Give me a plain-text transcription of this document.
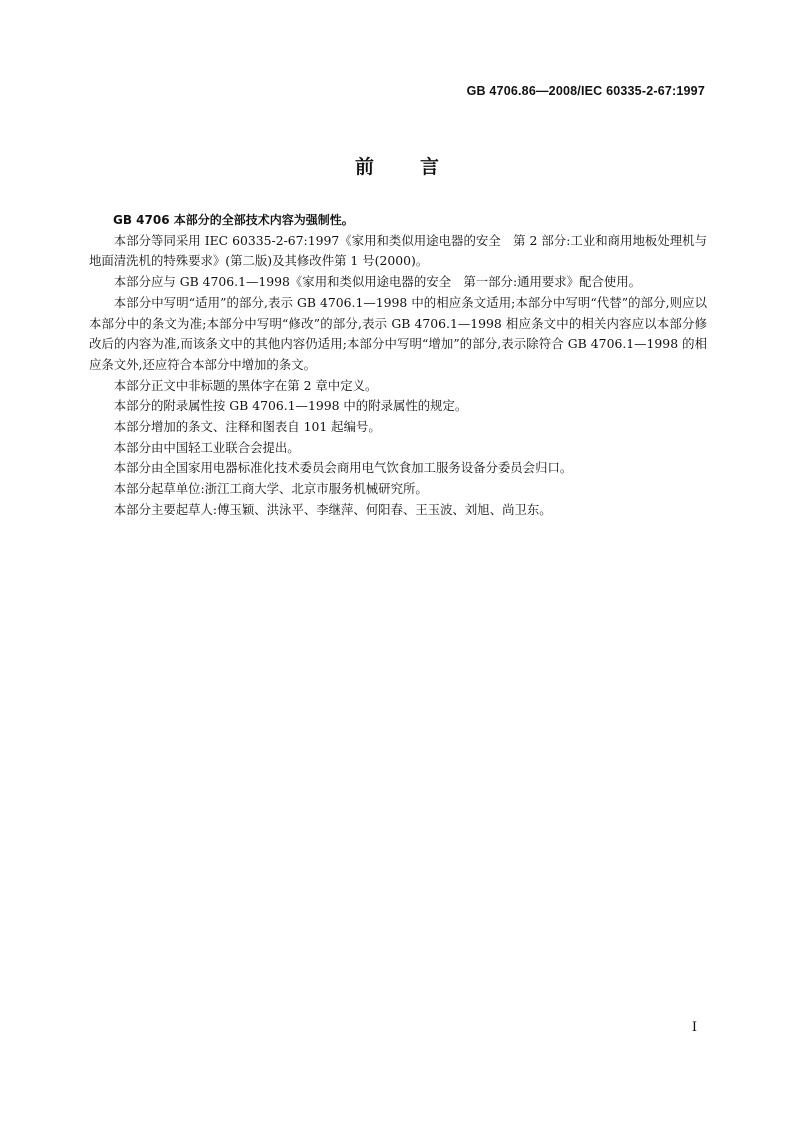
GB 4706.86—2008/IEC 60335-2-67:1997
前言

GB 4706 本部分的全部技术内容为强制性。

本部分等同采用 IEC 60335-2-67:1997《家用和类似用途电器的安全　第 2 部分:工业和商用地板处理机与地面清洗机的特殊要求》(第二版)及其修改件第 1 号(2000)。

本部分应与 GB 4706.1—1998《家用和类似用途电器的安全　第一部分:通用要求》配合使用。

本部分中写明“适用”的部分,表示 GB 4706.1—1998 中的相应条文适用;本部分中写明“代替”的部分,则应以本部分中的条文为准;本部分中写明“修改”的部分,表示 GB 4706.1—1998 相应条文中的相关内容应以本部分修改后的内容为准,而该条文中的其他内容仍适用;本部分中写明“增加”的部分,表示除符合 GB 4706.1—1998 的相应条文外,还应符合本部分中增加的条文。

本部分正文中非标题的黑体字在第 2 章中定义。

本部分的附录属性按 GB 4706.1—1998 中的附录属性的规定。

本部分增加的条文、注释和图表自 101 起编号。

本部分由中国轻工业联合会提出。

本部分由全国家用电器标准化技术委员会商用电气饮食加工服务设备分委员会归口。

本部分起草单位:浙江工商大学、北京市服务机械研究所。

本部分主要起草人:傅玉颖、洪泳平、李继萍、何阳春、王玉波、刘旭、尚卫东。

I
